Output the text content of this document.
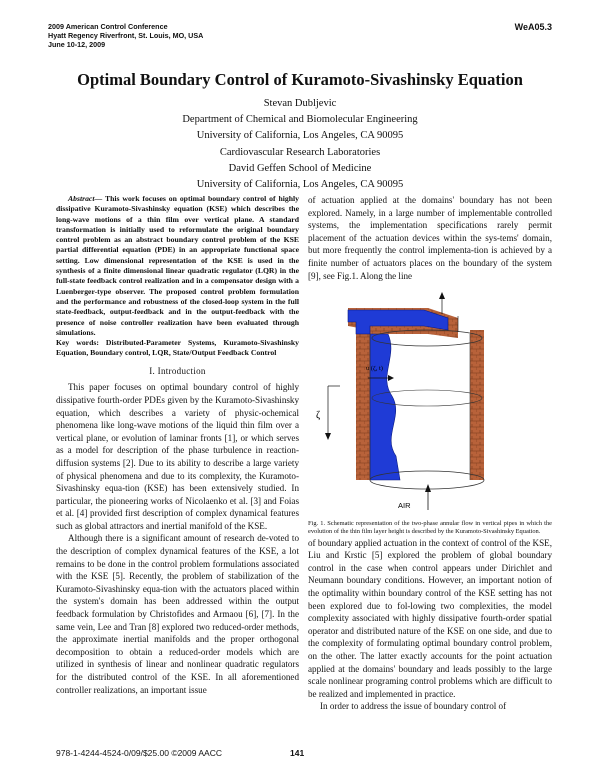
2009 American Control Conference
Hyatt Regency Riverfront, St. Louis, MO, USA
June 10-12, 2009
WeA05.3
Optimal Boundary Control of Kuramoto-Sivashinsky Equation
Stevan Dubljevic
Department of Chemical and Biomolecular Engineering
University of California, Los Angeles, CA 90095
Cardiovascular Research Laboratories
David Geffen School of Medicine
University of California, Los Angeles, CA 90095

Abstract— This work focuses on optimal boundary control of highly dissipative Kuramoto-Sivashinsky equation (KSE) which describes the long-wave motions of a thin film over vertical plane. A standard transformation is initially used to reformulate the original boundary control problem as an abstract boundary control problem of the KSE partial differential equation (PDE) in an appropriate functional space setting. Low dimensional representation of the KSE is used in the synthesis of a finite dimensional linear quadratic regulator (LQR) in the full-state feedback control realization and in a compensator design with a Luenberger-type observer. The proposed control problem formulation and the performance and robustness of the closed-loop system in the full state-feedback, output-feedback and in the output-feedback with the presence of noise controller realization have been evaluated through simulations.

Key words: Distributed-Parameter Systems, Kuramoto-Sivashinsky Equation, Boundary control, LQR, State/Output Feedback Control

I. Introduction

This paper focuses on optimal boundary control of highly dissipative fourth-order PDEs given by the Kuramoto-Sivashinsky equation, which describes a variety of physic-ochemical phenomena like long-wave motions of the liquid thin film over a vertical plane, or evolution of laminar fronts [1], or which serves as a model for description of the phase turbulence in reaction-diffusion systems [2]. Due to its ability to describe a large variety of physical phenomena and due to its complexity, the Kuramoto-Sivashinsky equa-tion (KSE) has been extensively studied. In particular, the pioneering works of Nicolaenko et al. [3] and Foias et al. [4] provided first description of complex dynamical features such as global attractors and inertial manifold of the KSE.

Although there is a significant amount of research de-voted to the description of complex dynamical features of the KSE, a lot remains to be done in the control problem formulations associated with the KSE [5]. Recently, the problem of stabilization of the Kuramoto-Sivashinsky equa-tion with the actuators placed within the system's domain has been addressed within the output feedback formulation by Christofides and Armaou [6], [7]. In the same vein, Lee and Tran [8] explored two reduced-order methods, the approximate inertial manifolds and the proper orthogonal decomposition to obtain a reduced-order models which are utilized in synthesis of linear and nonlinear quadratic regulators for the distributed control of the KSE. In all aforementioned controller realizations, an important issue

of actuation applied at the domains' boundary has not been explored. Namely, in a large number of implementable controlled systems, the implementation specifications rarely permit placement of the actuation devices within the sys-tems' domain, but more frequently the control implementa-tion is achieved by a finite number of actuators places on the boundary of the system [9], see Fig.1. Along the line

u (ζ, t)
ζ
AIR

Fig. 1. Schematic representation of the two-phase annular flow in vertical pipes in which the evolution of the thin film layer height is described by the Kuramoto-Sivashinsky Equation.

of boundary applied actuation in the context of control of the KSE, Liu and Krstic [5] explored the problem of global boundary control in the case when control appears under Dirichlet and Neumann boundary conditions. However, an important notion of the optimality within boundary control of the KSE setting has not been explored due to fol-lowing two complexities, the model complexity associated with highly dissipative fourth-order spatial operator and distributed nature of the KSE on one side, and due to the complexity of formulating optimal boundary control problem, on the other. The latter exactly accounts for the point actuation applied at the domains' boundary and leads possibly to the large scale nonlinear programing control problems which are difficult to be realized and implemented in practice.

In order to address the issue of boundary control of

978-1-4244-4524-0/09/$25.00 ©2009 AACC	141
